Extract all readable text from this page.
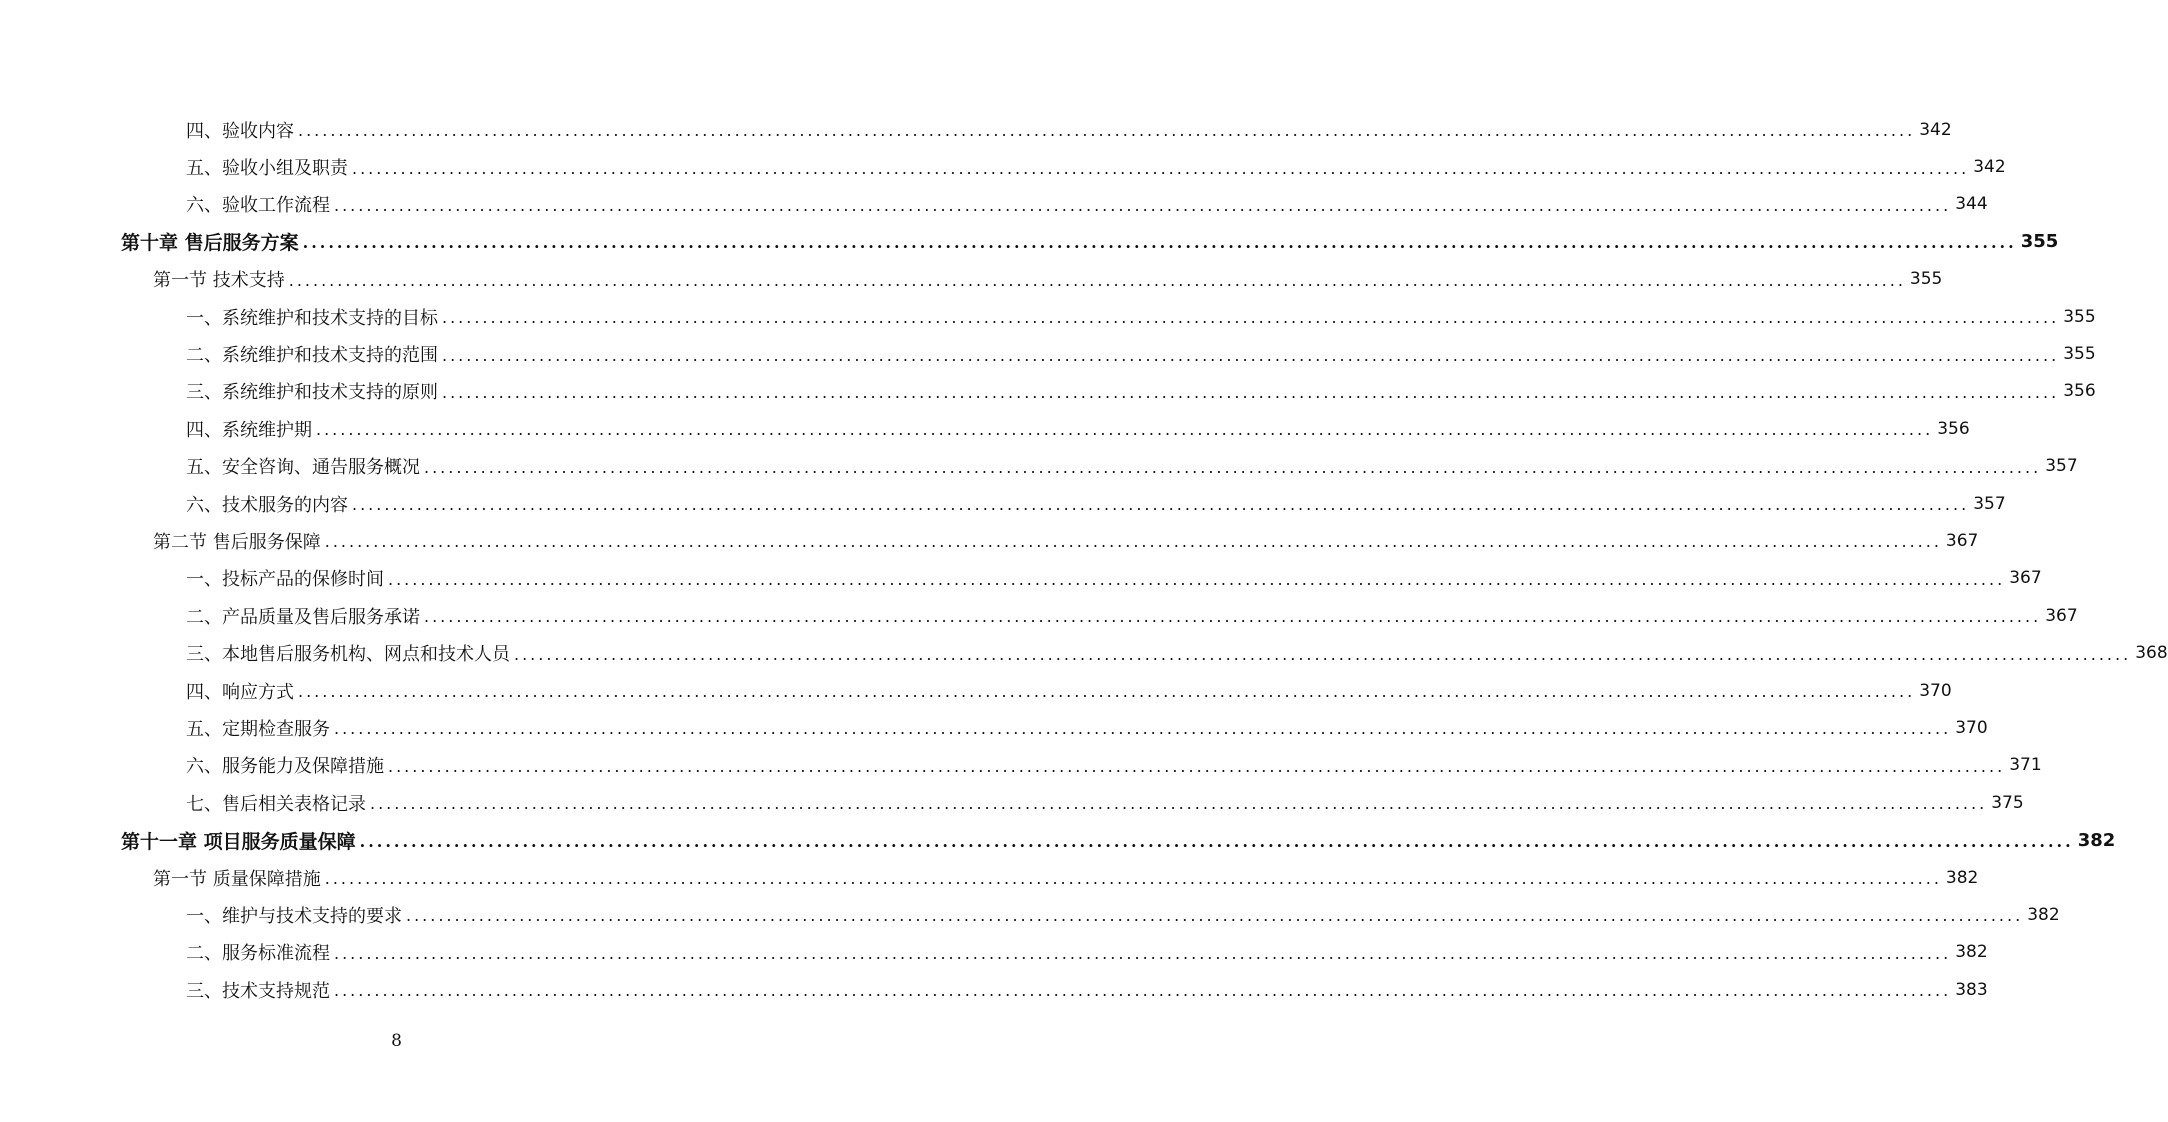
四、验收内容 ........................................................................................................................................................................................................ 342
五、验收小组及职责 ........................................................................................................................................................................................................ 342
六、验收工作流程 ........................................................................................................................................................................................................ 344
第十章 售后服务方案 ........................................................................................................................................................................................................ 355
第一节 技术支持 ........................................................................................................................................................................................................ 355
一、系统维护和技术支持的目标 ........................................................................................................................................................................................................ 355
二、系统维护和技术支持的范围 ........................................................................................................................................................................................................ 355
三、系统维护和技术支持的原则 ........................................................................................................................................................................................................ 356
四、系统维护期 ........................................................................................................................................................................................................ 356
五、安全咨询、通告服务概况 ........................................................................................................................................................................................................ 357
六、技术服务的内容 ........................................................................................................................................................................................................ 357
第二节 售后服务保障 ........................................................................................................................................................................................................ 367
一、投标产品的保修时间 ........................................................................................................................................................................................................ 367
二、产品质量及售后服务承诺 ........................................................................................................................................................................................................ 367
三、本地售后服务机构、网点和技术人员 ........................................................................................................................................................................................................ 368
四、响应方式 ........................................................................................................................................................................................................ 370
五、定期检查服务 ........................................................................................................................................................................................................ 370
六、服务能力及保障措施 ........................................................................................................................................................................................................ 371
七、售后相关表格记录 ........................................................................................................................................................................................................ 375
第十一章 项目服务质量保障 ........................................................................................................................................................................................................ 382
第一节 质量保障措施 ........................................................................................................................................................................................................ 382
一、维护与技术支持的要求 ........................................................................................................................................................................................................ 382
二、服务标准流程 ........................................................................................................................................................................................................ 382
三、技术支持规范 ........................................................................................................................................................................................................ 383
8
